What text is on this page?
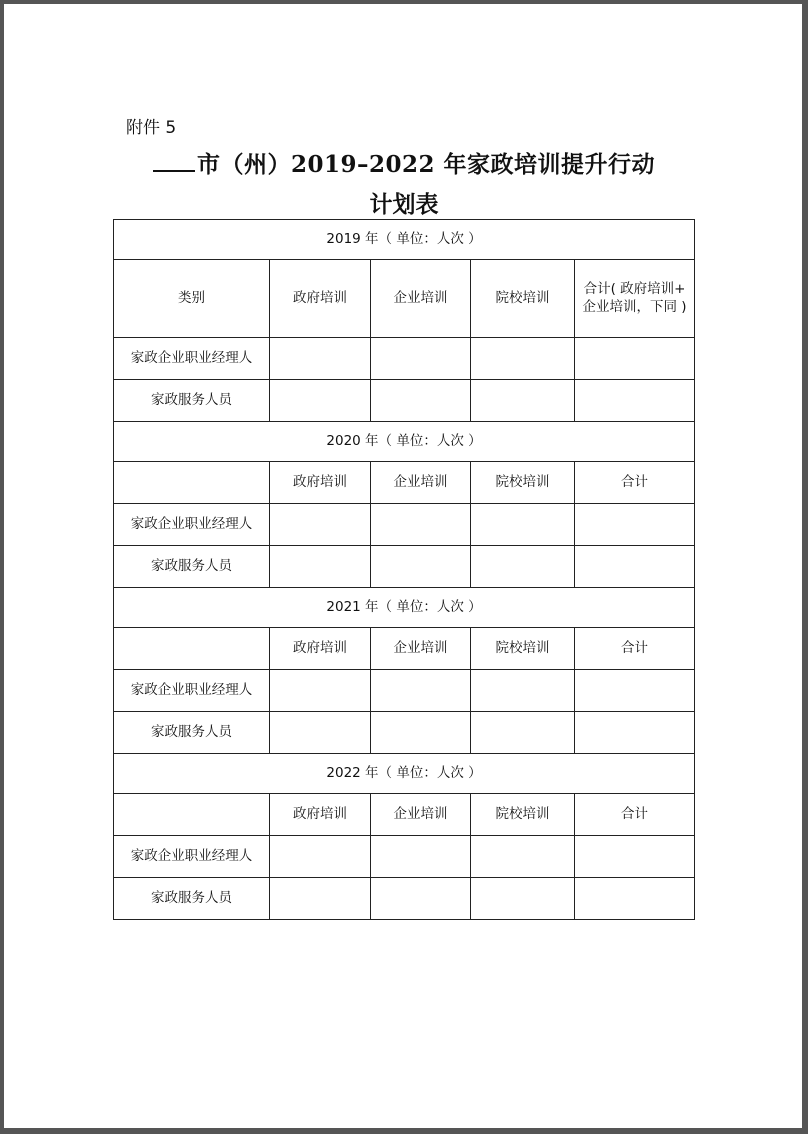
附件 5
市（州）2019–2022 年家政培训提升行动
计划表
2019 年（ 单位：人次 ）				
类别	政府培训	企业培训	院校培训	合计( 政府培训+
企业培训，下同 )
家政企业职业经理人				
家政服务人员				
2020 年（ 单位：人次 ）				
	政府培训	企业培训	院校培训	合计
家政企业职业经理人				
家政服务人员				
2021 年（ 单位：人次 ）				
	政府培训	企业培训	院校培训	合计
家政企业职业经理人				
家政服务人员				
2022 年（ 单位：人次 ）				
	政府培训	企业培训	院校培训	合计
家政企业职业经理人				
家政服务人员				
